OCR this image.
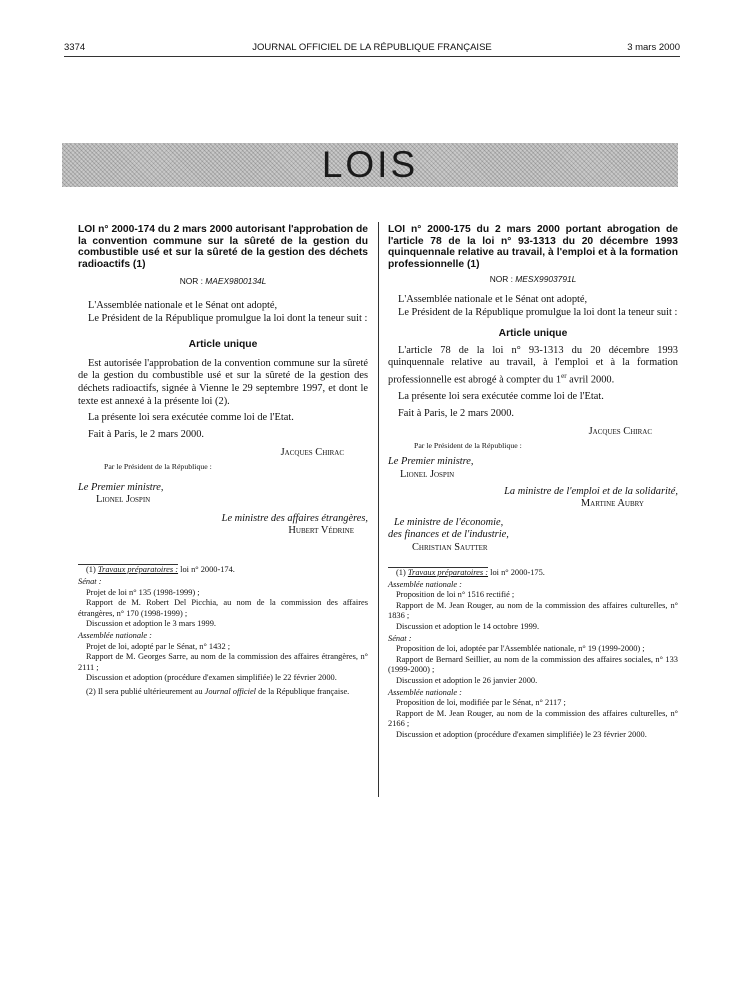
3374	JOURNAL OFFICIEL DE LA RÉPUBLIQUE FRANÇAISE	3 mars 2000
LOIS
LOI n° 2000-174 du 2 mars 2000 autorisant l'approbation de la convention commune sur la sûreté de la gestion du combustible usé et sur la sûreté de la gestion des déchets radioactifs (1)
NOR : MAEX9800134L

L'Assemblée nationale et le Sénat ont adopté,

Le Président de la République promulgue la loi dont la teneur suit :

Article unique

Est autorisée l'approbation de la convention commune sur la sûreté de la gestion du combustible usé et sur la sûreté de la gestion des déchets radioactifs, signée à Vienne le 29 septembre 1997, et dont le texte est annexé à la présente loi (2).

La présente loi sera exécutée comme loi de l'Etat.

Fait à Paris, le 2 mars 2000.

Jacques Chirac
Par le Président de la République :
Le Premier ministre,
Lionel Jospin
Le ministre des affaires étrangères,
Hubert Védrine

(1) Travaux préparatoires : loi n° 2000-174.

Sénat :

Projet de loi n° 135 (1998-1999) ;

Rapport de M. Robert Del Picchia, au nom de la commission des affaires étrangères, n° 170 (1998-1999) ;

Discussion et adoption le 3 mars 1999.

Assemblée nationale :

Projet de loi, adopté par le Sénat, n° 1432 ;

Rapport de M. Georges Sarre, au nom de la commission des affaires étrangères, n° 2111 ;

Discussion et adoption (procédure d'examen simplifiée) le 22 février 2000.

(2) Il sera publié ultérieurement au Journal officiel de la République française.

LOI n° 2000-175 du 2 mars 2000 portant abrogation de l'article 78 de la loi n° 93-1313 du 20 décembre 1993 quinquennale relative au travail, à l'emploi et à la formation professionnelle (1)
NOR : MESX9903791L

L'Assemblée nationale et le Sénat ont adopté,

Le Président de la République promulgue la loi dont la teneur suit :

Article unique

L'article 78 de la loi n° 93-1313 du 20 décembre 1993 quinquennale relative au travail, à l'emploi et à la formation professionnelle est abrogé à compter du 1er avril 2000.

La présente loi sera exécutée comme loi de l'Etat.

Fait à Paris, le 2 mars 2000.

Jacques Chirac
Par le Président de la République :
Le Premier ministre,
Lionel Jospin
La ministre de l'emploi et de la solidarité,
Martine Aubry
Le ministre de l'économie,
des finances et de l'industrie,
Christian Sautter

(1) Travaux préparatoires : loi n° 2000-175.

Assemblée nationale :

Proposition de loi n° 1516 rectifié ;

Rapport de M. Jean Rouger, au nom de la commission des affaires culturelles, n° 1836 ;

Discussion et adoption le 14 octobre 1999.

Sénat :

Proposition de loi, adoptée par l'Assemblée nationale, n° 19 (1999-2000) ;

Rapport de Bernard Seillier, au nom de la commission des affaires sociales, n° 133 (1999-2000) ;

Discussion et adoption le 26 janvier 2000.

Assemblée nationale :

Proposition de loi, modifiée par le Sénat, n° 2117 ;

Rapport de M. Jean Rouger, au nom de la commission des affaires culturelles, n° 2166 ;

Discussion et adoption (procédure d'examen simplifiée) le 23 février 2000.
